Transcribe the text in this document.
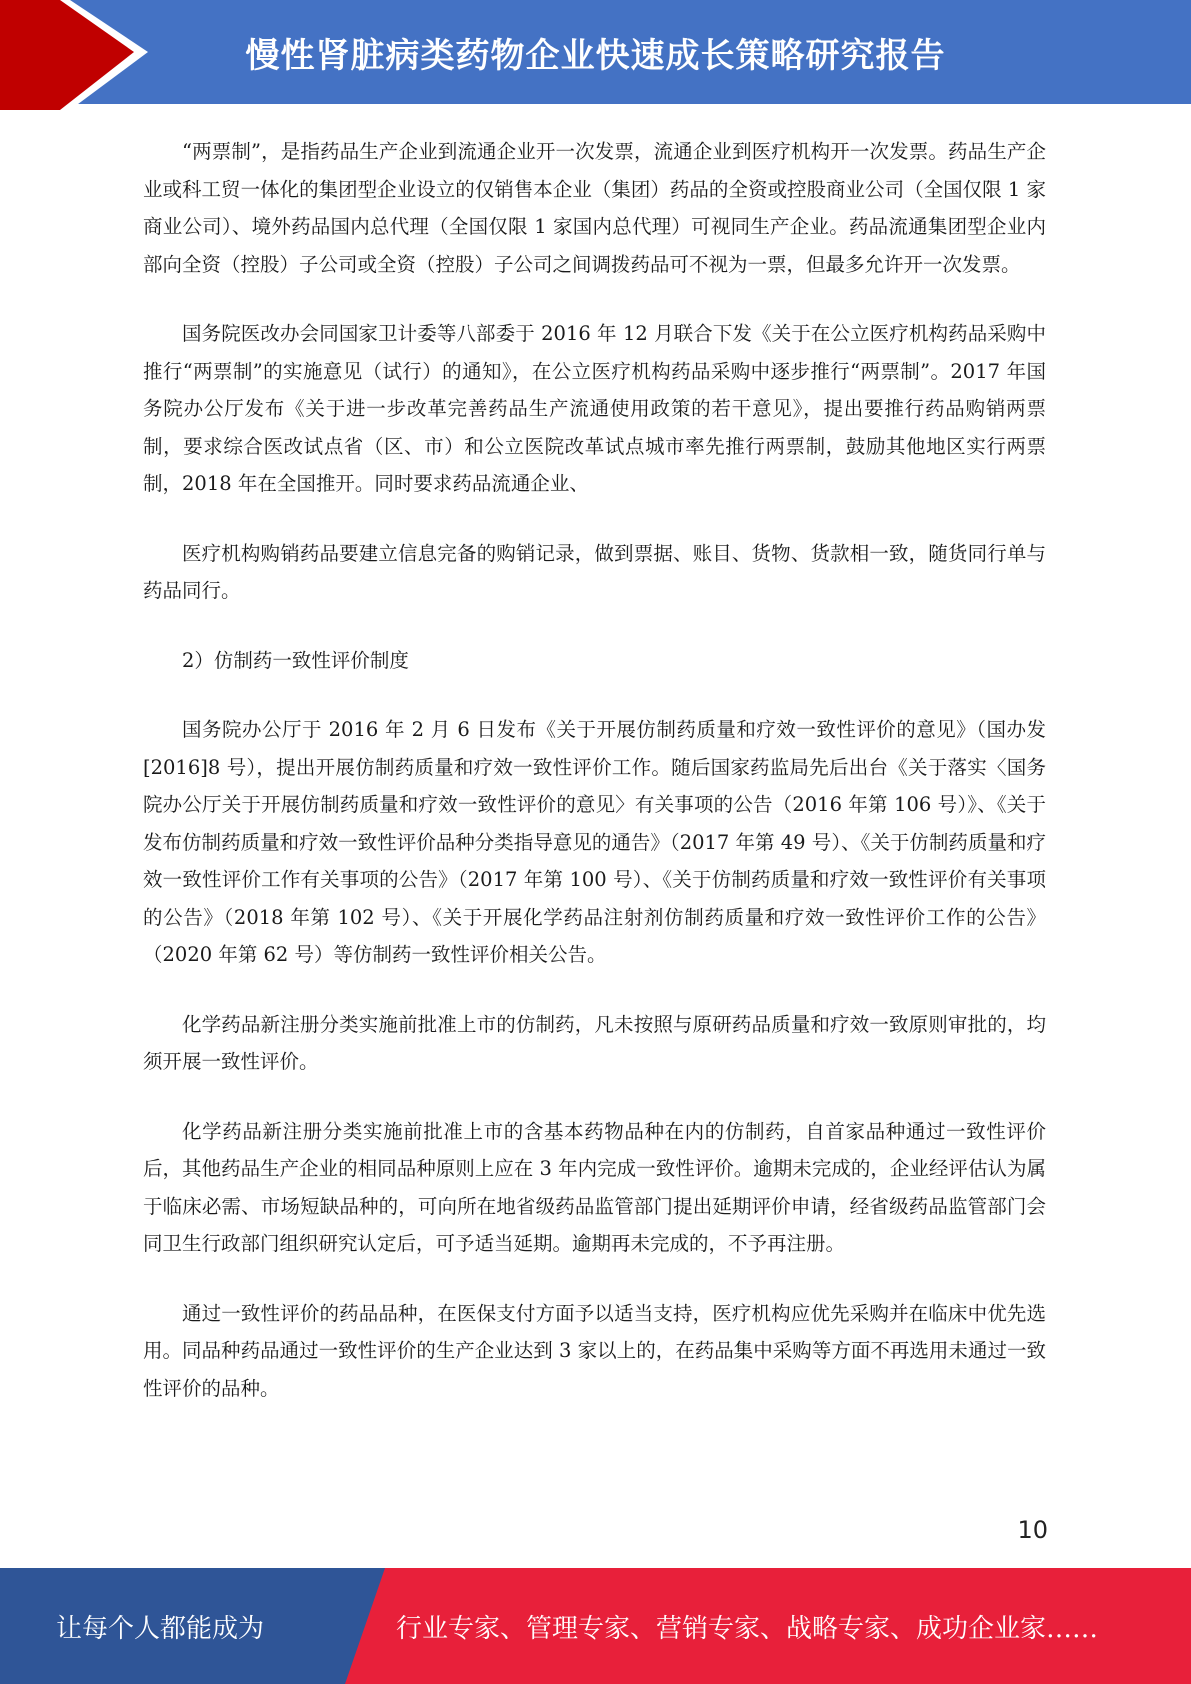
慢性肾脏病类药物企业快速成长策略研究报告

“两票制”，是指药品生产企业到流通企业开一次发票，流通企业到医疗机构开一次发票。药品生产企业或科工贸一体化的集团型企业设立的仅销售本企业（集团）药品的全资或控股商业公司（全国仅限 1 家商业公司）、境外药品国内总代理（全国仅限 1 家国内总代理）可视同生产企业。药品流通集团型企业内部向全资（控股）子公司或全资（控股）子公司之间调拨药品可不视为一票，但最多允许开一次发票。

国务院医改办会同国家卫计委等八部委于 2016 年 12 月联合下发《关于在公立医疗机构药品采购中推行“两票制”的实施意见（试行）的通知》，在公立医疗机构药品采购中逐步推行“两票制”。2017 年国务院办公厅发布《关于进一步改革完善药品生产流通使用政策的若干意见》，提出要推行药品购销两票制，要求综合医改试点省（区、市）和公立医院改革试点城市率先推行两票制，鼓励其他地区实行两票制，2018 年在全国推开。同时要求药品流通企业、

医疗机构购销药品要建立信息完备的购销记录，做到票据、账目、货物、货款相一致，随货同行单与药品同行。

2）仿制药一致性评价制度

国务院办公厅于 2016 年 2 月 6 日发布《关于开展仿制药质量和疗效一致性评价的意见》（国办发[2016]8 号），提出开展仿制药质量和疗效一致性评价工作。随后国家药监局先后出台《关于落实〈国务院办公厅关于开展仿制药质量和疗效一致性评价的意见〉有关事项的公告（2016 年第 106 号）》、《关于发布仿制药质量和疗效一致性评价品种分类指导意见的通告》（2017 年第 49 号）、《关于仿制药质量和疗效一致性评价工作有关事项的公告》（2017 年第 100 号）、《关于仿制药质量和疗效一致性评价有关事项的公告》（2018 年第 102 号）、《关于开展化学药品注射剂仿制药质量和疗效一致性评价工作的公告》（2020 年第 62 号）等仿制药一致性评价相关公告。

化学药品新注册分类实施前批准上市的仿制药，凡未按照与原研药品质量和疗效一致原则审批的，均须开展一致性评价。

化学药品新注册分类实施前批准上市的含基本药物品种在内的仿制药，自首家品种通过一致性评价后，其他药品生产企业的相同品种原则上应在 3 年内完成一致性评价。逾期未完成的，企业经评估认为属于临床必需、市场短缺品种的，可向所在地省级药品监管部门提出延期评价申请，经省级药品监管部门会同卫生行政部门组织研究认定后，可予适当延期。逾期再未完成的，不予再注册。

通过一致性评价的药品品种，在医保支付方面予以适当支持，医疗机构应优先采购并在临床中优先选用。同品种药品通过一致性评价的生产企业达到 3 家以上的，在药品集中采购等方面不再选用未通过一致性评价的品种。

10
让每个人都能成为	行业专家、管理专家、营销专家、战略专家、成功企业家……
